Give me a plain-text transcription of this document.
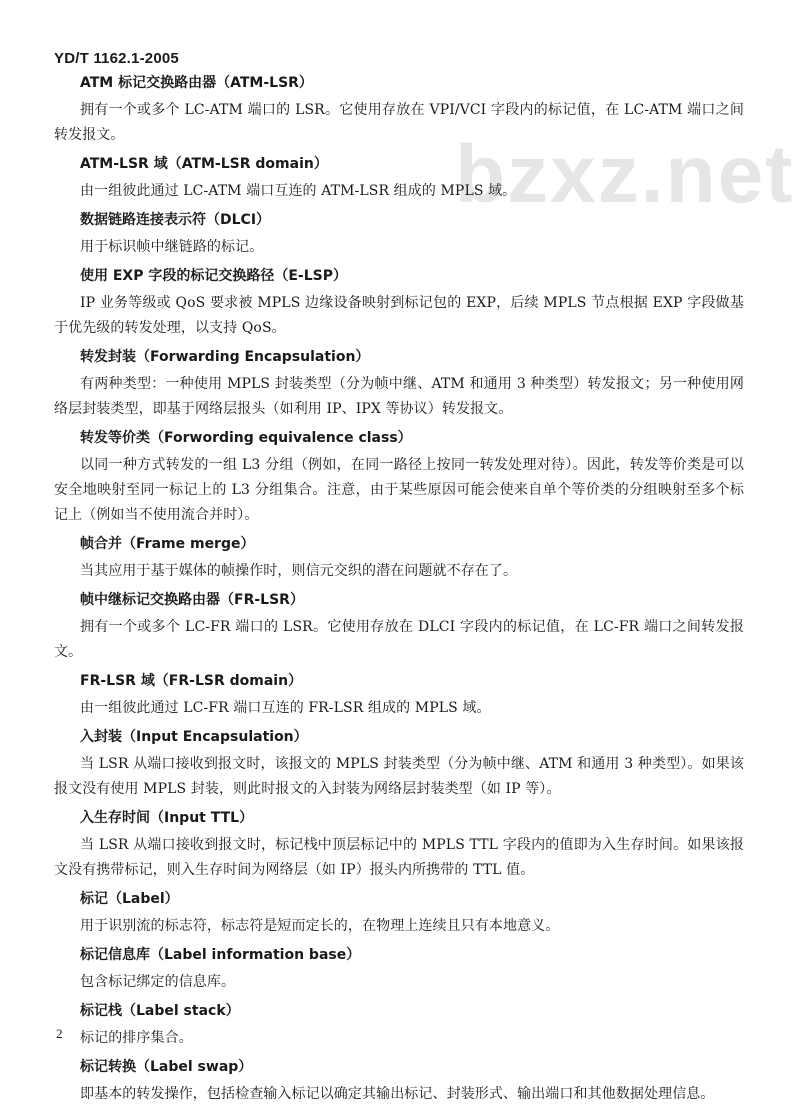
YD/T 1162.1-2005
bzxz.net

ATM 标记交换路由器（ATM-LSR）

拥有一个或多个 LC-ATM 端口的 LSR。它使用存放在 VPI/VCI 字段内的标记值，在 LC-ATM 端口之间转发报文。

ATM-LSR 域（ATM-LSR domain）

由一组彼此通过 LC-ATM 端口互连的 ATM-LSR 组成的 MPLS 域。

数据链路连接表示符（DLCI）

用于标识帧中继链路的标记。

使用 EXP 字段的标记交换路径（E-LSP）

IP 业务等级或 QoS 要求被 MPLS 边缘设备映射到标记包的 EXP，后续 MPLS 节点根据 EXP 字段做基于优先级的转发处理，以支持 QoS。

转发封装（Forwarding Encapsulation）

有两种类型：一种使用 MPLS 封装类型（分为帧中继、ATM 和通用 3 种类型）转发报文；另一种使用网络层封装类型，即基于网络层报头（如利用 IP、IPX 等协议）转发报文。

转发等价类（Forwording equivalence class）

以同一种方式转发的一组 L3 分组（例如，在同一路径上按同一转发处理对待）。因此，转发等价类是可以安全地映射至同一标记上的 L3 分组集合。注意，由于某些原因可能会使来自单个等价类的分组映射至多个标记上（例如当不使用流合并时）。

帧合并（Frame merge）

当其应用于基于媒体的帧操作时，则信元交织的潜在问题就不存在了。

帧中继标记交换路由器（FR-LSR）

拥有一个或多个 LC-FR 端口的 LSR。它使用存放在 DLCI 字段内的标记值，在 LC-FR 端口之间转发报文。

FR-LSR 域（FR-LSR domain）

由一组彼此通过 LC-FR 端口互连的 FR-LSR 组成的 MPLS 域。

入封装（Input Encapsulation）

当 LSR 从端口接收到报文时，该报文的 MPLS 封装类型（分为帧中继、ATM 和通用 3 种类型）。如果该报文没有使用 MPLS 封装，则此时报文的入封装为网络层封装类型（如 IP 等）。

入生存时间（Input TTL）

当 LSR 从端口接收到报文时，标记栈中顶层标记中的 MPLS TTL 字段内的值即为入生存时间。如果该报文没有携带标记，则入生存时间为网络层（如 IP）报头内所携带的 TTL 值。

标记（Label）

用于识别流的标志符，标志符是短而定长的，在物理上连续且只有本地意义。

标记信息库（Label information base）

包含标记绑定的信息库。

标记栈（Label stack）

标记的排序集合。

标记转换（Label swap）

即基本的转发操作，包括检查输入标记以确定其输出标记、封装形式、输出端口和其他数据处理信息。

2
